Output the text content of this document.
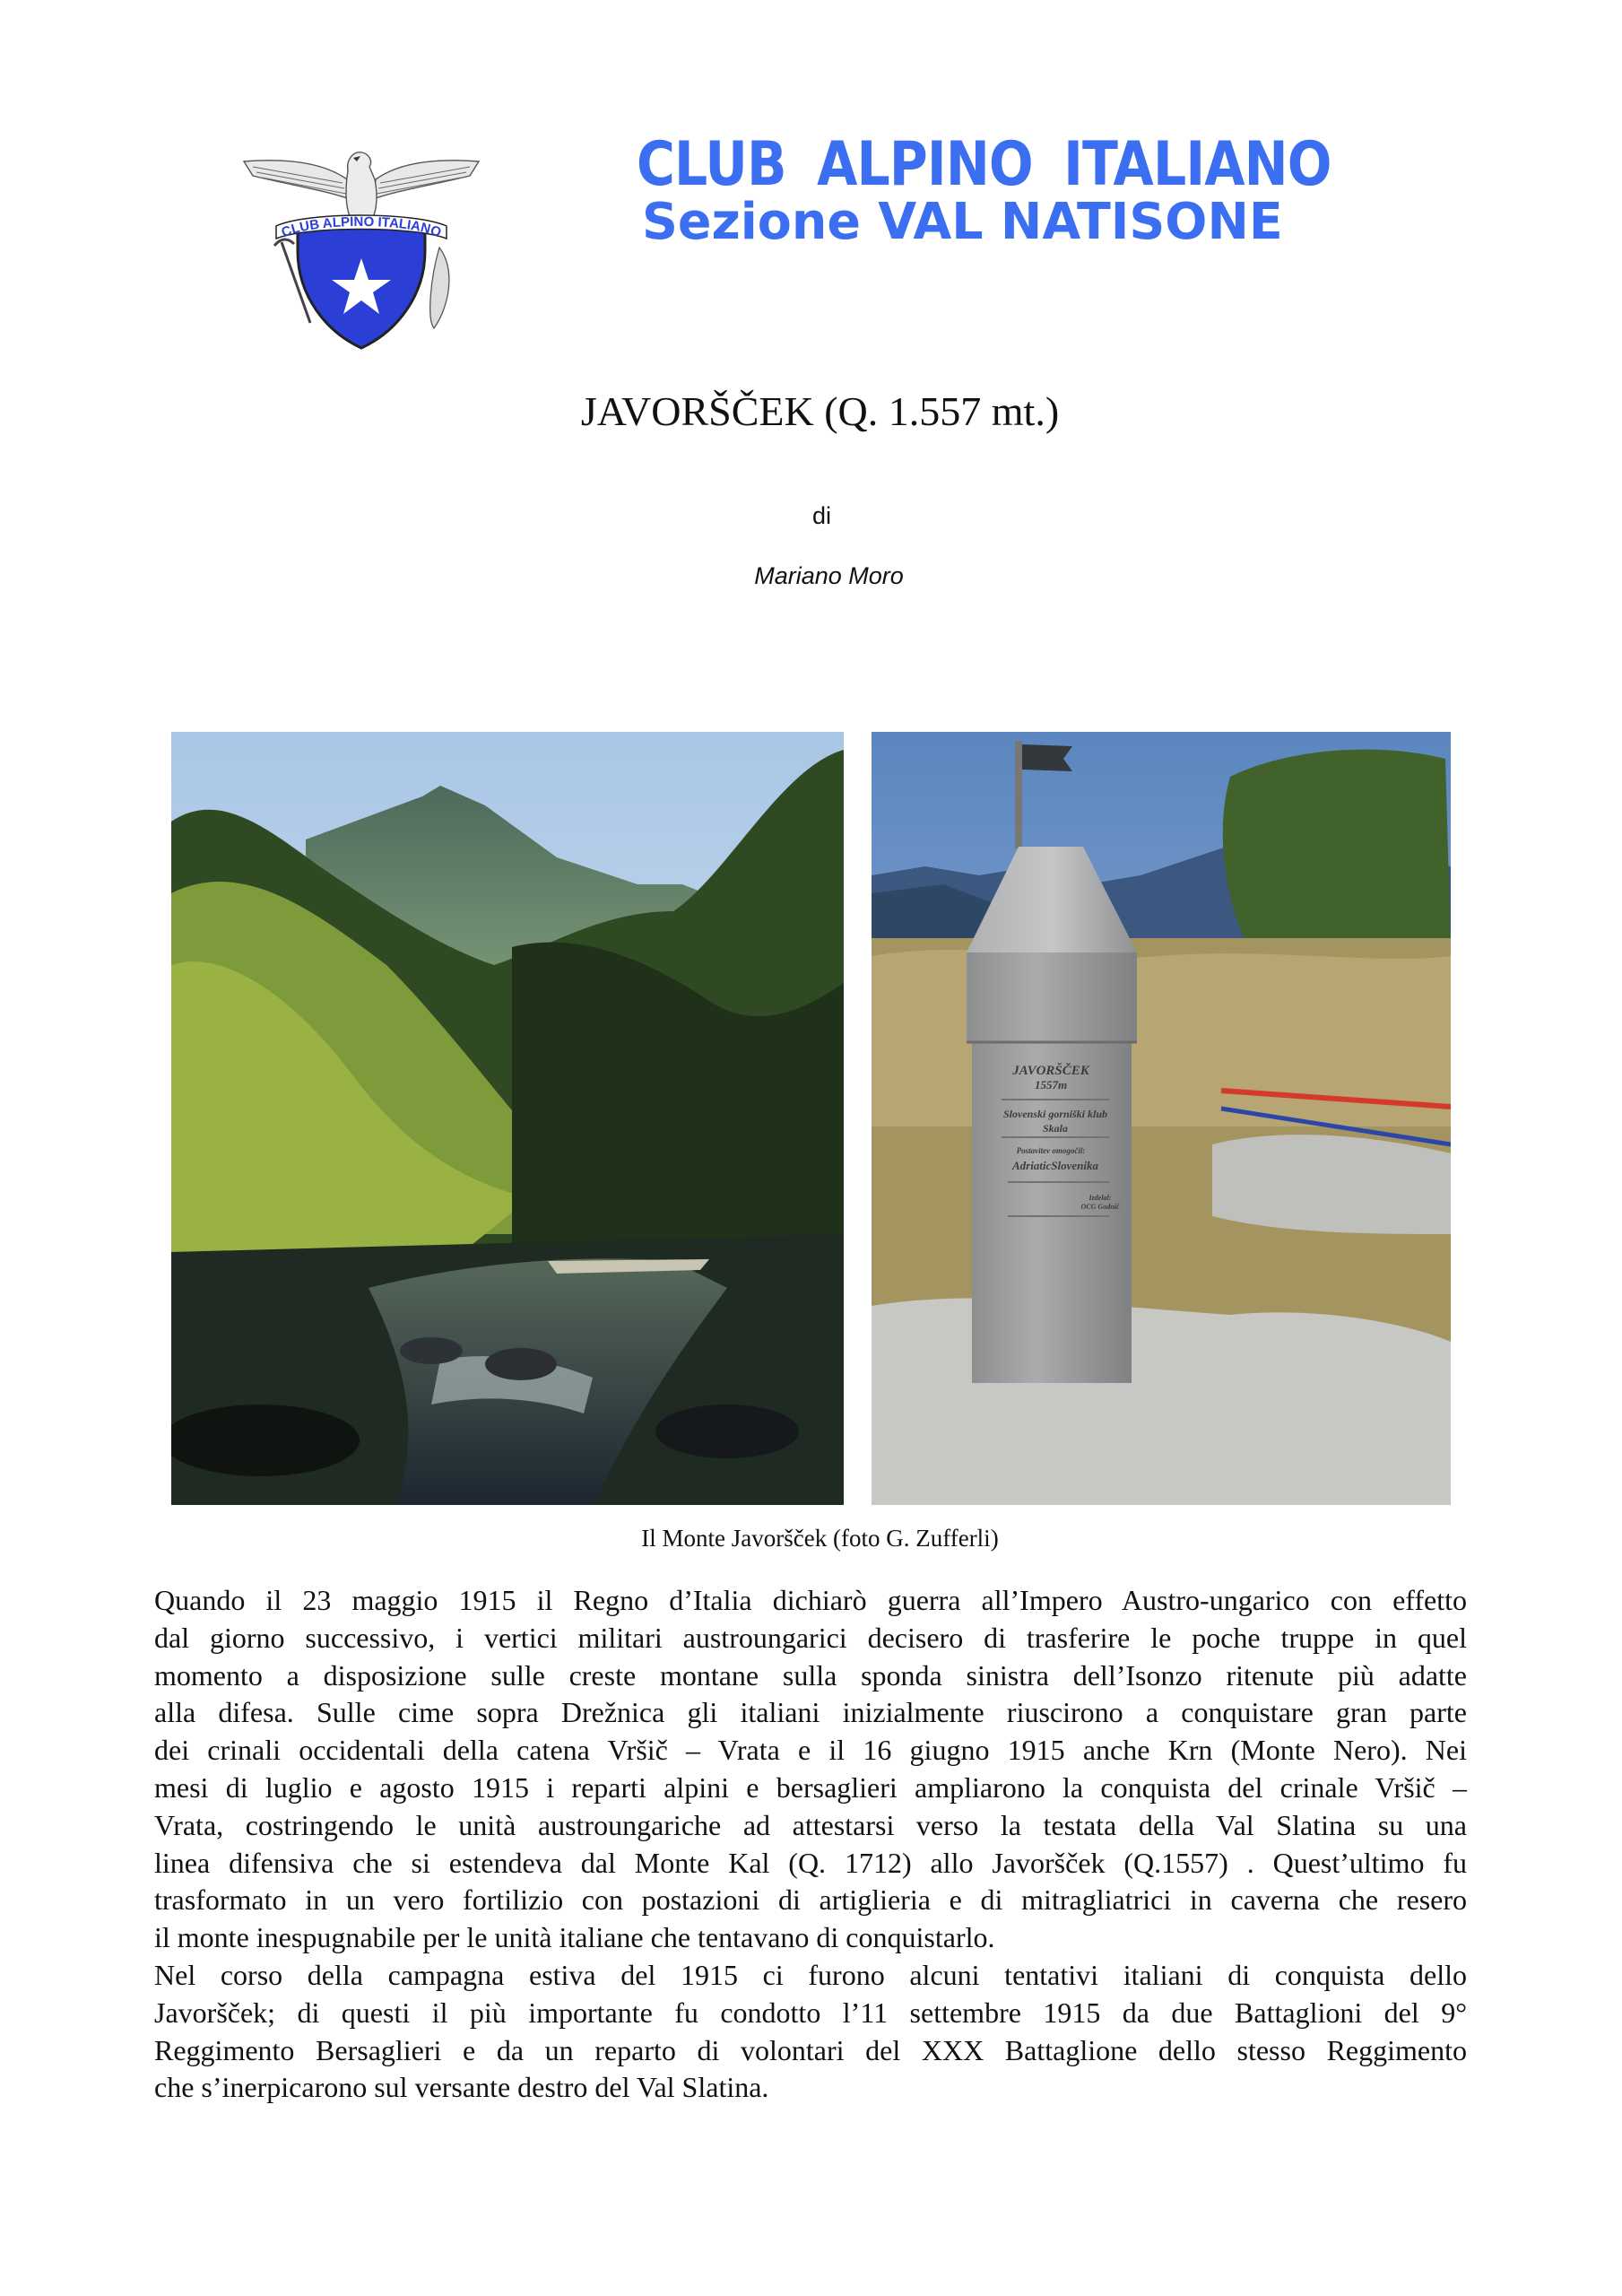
CLUB ALPINO ITALIANO
CLUB ALPINO ITALIANO
Sezione VAL NATISONE
JAVORŠČEK (Q. 1.557 mt.)
di
Mariano Moro
JAVORŠČEK
1557m
Slovenski gorniški klub
Skala
Postavitev omogočil:
AdriaticSlovenika
Izdelal:
OCG Godnič
Il Monte Javorščеk (foto G. Zufferli)
Quando il 23 maggio 1915 il Regno d’Italia dichiarò guerra all’Impero Austro-ungarico con effetto
dal giorno successivo, i vertici militari austroungarici decisero di trasferire le poche truppe in quel
momento a disposizione sulle creste montane sulla sponda sinistra dell’Isonzo ritenute più adatte
alla difesa. Sulle cime sopra Drežnica gli italiani inizialmente riuscirono a conquistare gran parte
dei crinali occidentali della catena Vršič – Vrata e il 16 giugno 1915 anche Krn (Monte Nero). Nei
mesi di luglio e agosto 1915 i reparti alpini e bersaglieri ampliarono la conquista del crinale Vršič –
Vrata, costringendo le unità austroungariche ad attestarsi verso la testata della Val Slatina su una
linea difensiva che si estendeva dal Monte Kal (Q. 1712) allo Javorščеk (Q.1557) . Quest’ultimo fu
trasformato in un vero fortilizio con postazioni di artiglieria e di mitragliatrici in caverna che resero
il monte inespugnabile per le unità italiane che tentavano di conquistarlo.
Nel corso della campagna estiva del 1915 ci furono alcuni tentativi italiani di conquista dello
Javorščеk; di questi il più importante fu condotto l’11 settembre 1915 da due Battaglioni del 9°
Reggimento Bersaglieri e da un reparto di volontari del XXX Battaglione dello stesso Reggimento
che s’inerpicarono sul versante destro del Val Slatina.
